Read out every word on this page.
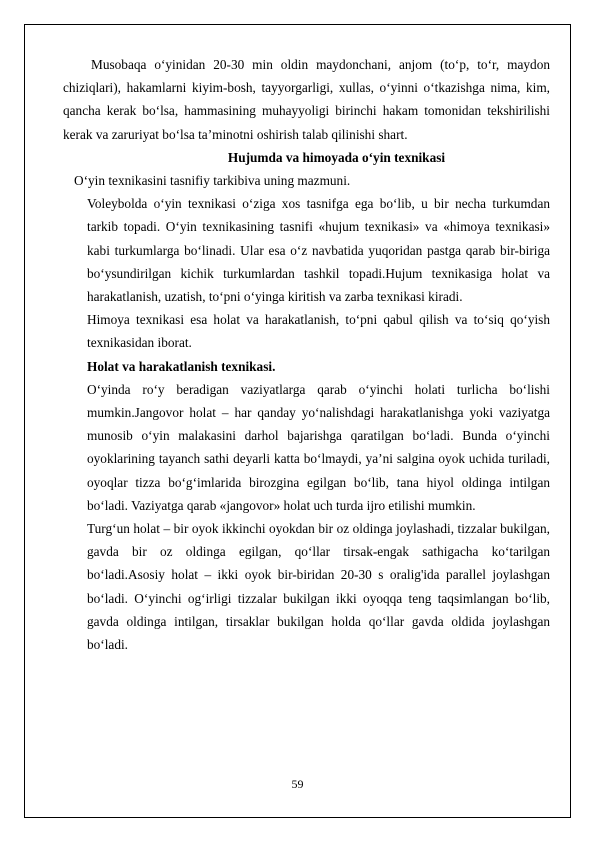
Musobaqa o‘yinidan 20-30 min oldin maydonchani, anjom (to‘p, to‘r, maydon chiziqlari), hakamlarni kiyim-bosh, tayyorgarligi, xullas, o‘yinni o‘tkazishga nima, kim, qancha kerak bo‘lsa, hammasining muhayyoligi birinchi hakam tomonidan tekshirilishi kerak va zaruriyat bo‘lsa ta’minotni oshirish talab qilinishi shart.

Hujumda va himoyada o‘yin texnikasi

O‘yin texnikasini tasnifiy tarkibiva uning mazmuni.

Voleybolda o‘yin texnikasi o‘ziga xos tasnifga ega bo‘lib, u bir necha turkumdan tarkib topadi. O‘yin texnikasining tasnifi «hujum texnikasi» va «himoya texnikasi» kabi turkumlarga bo‘linadi. Ular esa o‘z navbatida yuqoridan pastga qarab bir-biriga bo‘ysundirilgan kichik turkumlardan tashkil topadi.Hujum texnikasiga holat va harakatlanish, uzatish, to‘pni o‘yinga kiritish va zarba texnikasi kiradi.

Himoya texnikasi esa holat va harakatlanish, to‘pni qabul qilish va to‘siq qo‘yish texnikasidan iborat.

Holat va harakatlanish texnikasi.

O‘yinda ro‘y beradigan vaziyatlarga qarab o‘yinchi holati turlicha bo‘lishi mumkin.Jangovor holat – har qanday yo‘nalishdagi harakatlanishga yoki vaziyatga munosib o‘yin malakasini darhol bajarishga qaratilgan bo‘ladi. Bunda o‘yinchi oyoklarining tayanch sathi deyarli katta bo‘lmaydi, ya’ni salgina oyok uchida turiladi, oyoqlar tizza bo‘g‘imlarida birozgina egilgan bo‘lib, tana hiyol oldinga intilgan bo‘ladi. Vaziyatga qarab «jangovor» holat uch turda ijro etilishi mumkin.

Turg‘un holat – bir oyok ikkinchi oyokdan bir oz oldinga joylashadi, tizzalar bukilgan, gavda bir oz oldinga egilgan, qo‘llar tirsak-engak sathigacha ko‘tarilgan bo‘ladi.Asosiy holat – ikki oyok bir-biridan 20-30 s oralig'ida parallel joylashgan bo‘ladi. O‘yinchi og‘irligi tizzalar bukilgan ikki oyoqqa teng taqsimlangan bo‘lib, gavda oldinga intilgan, tirsaklar bukilgan holda qo‘llar gavda oldida joylashgan bo‘ladi.

59
